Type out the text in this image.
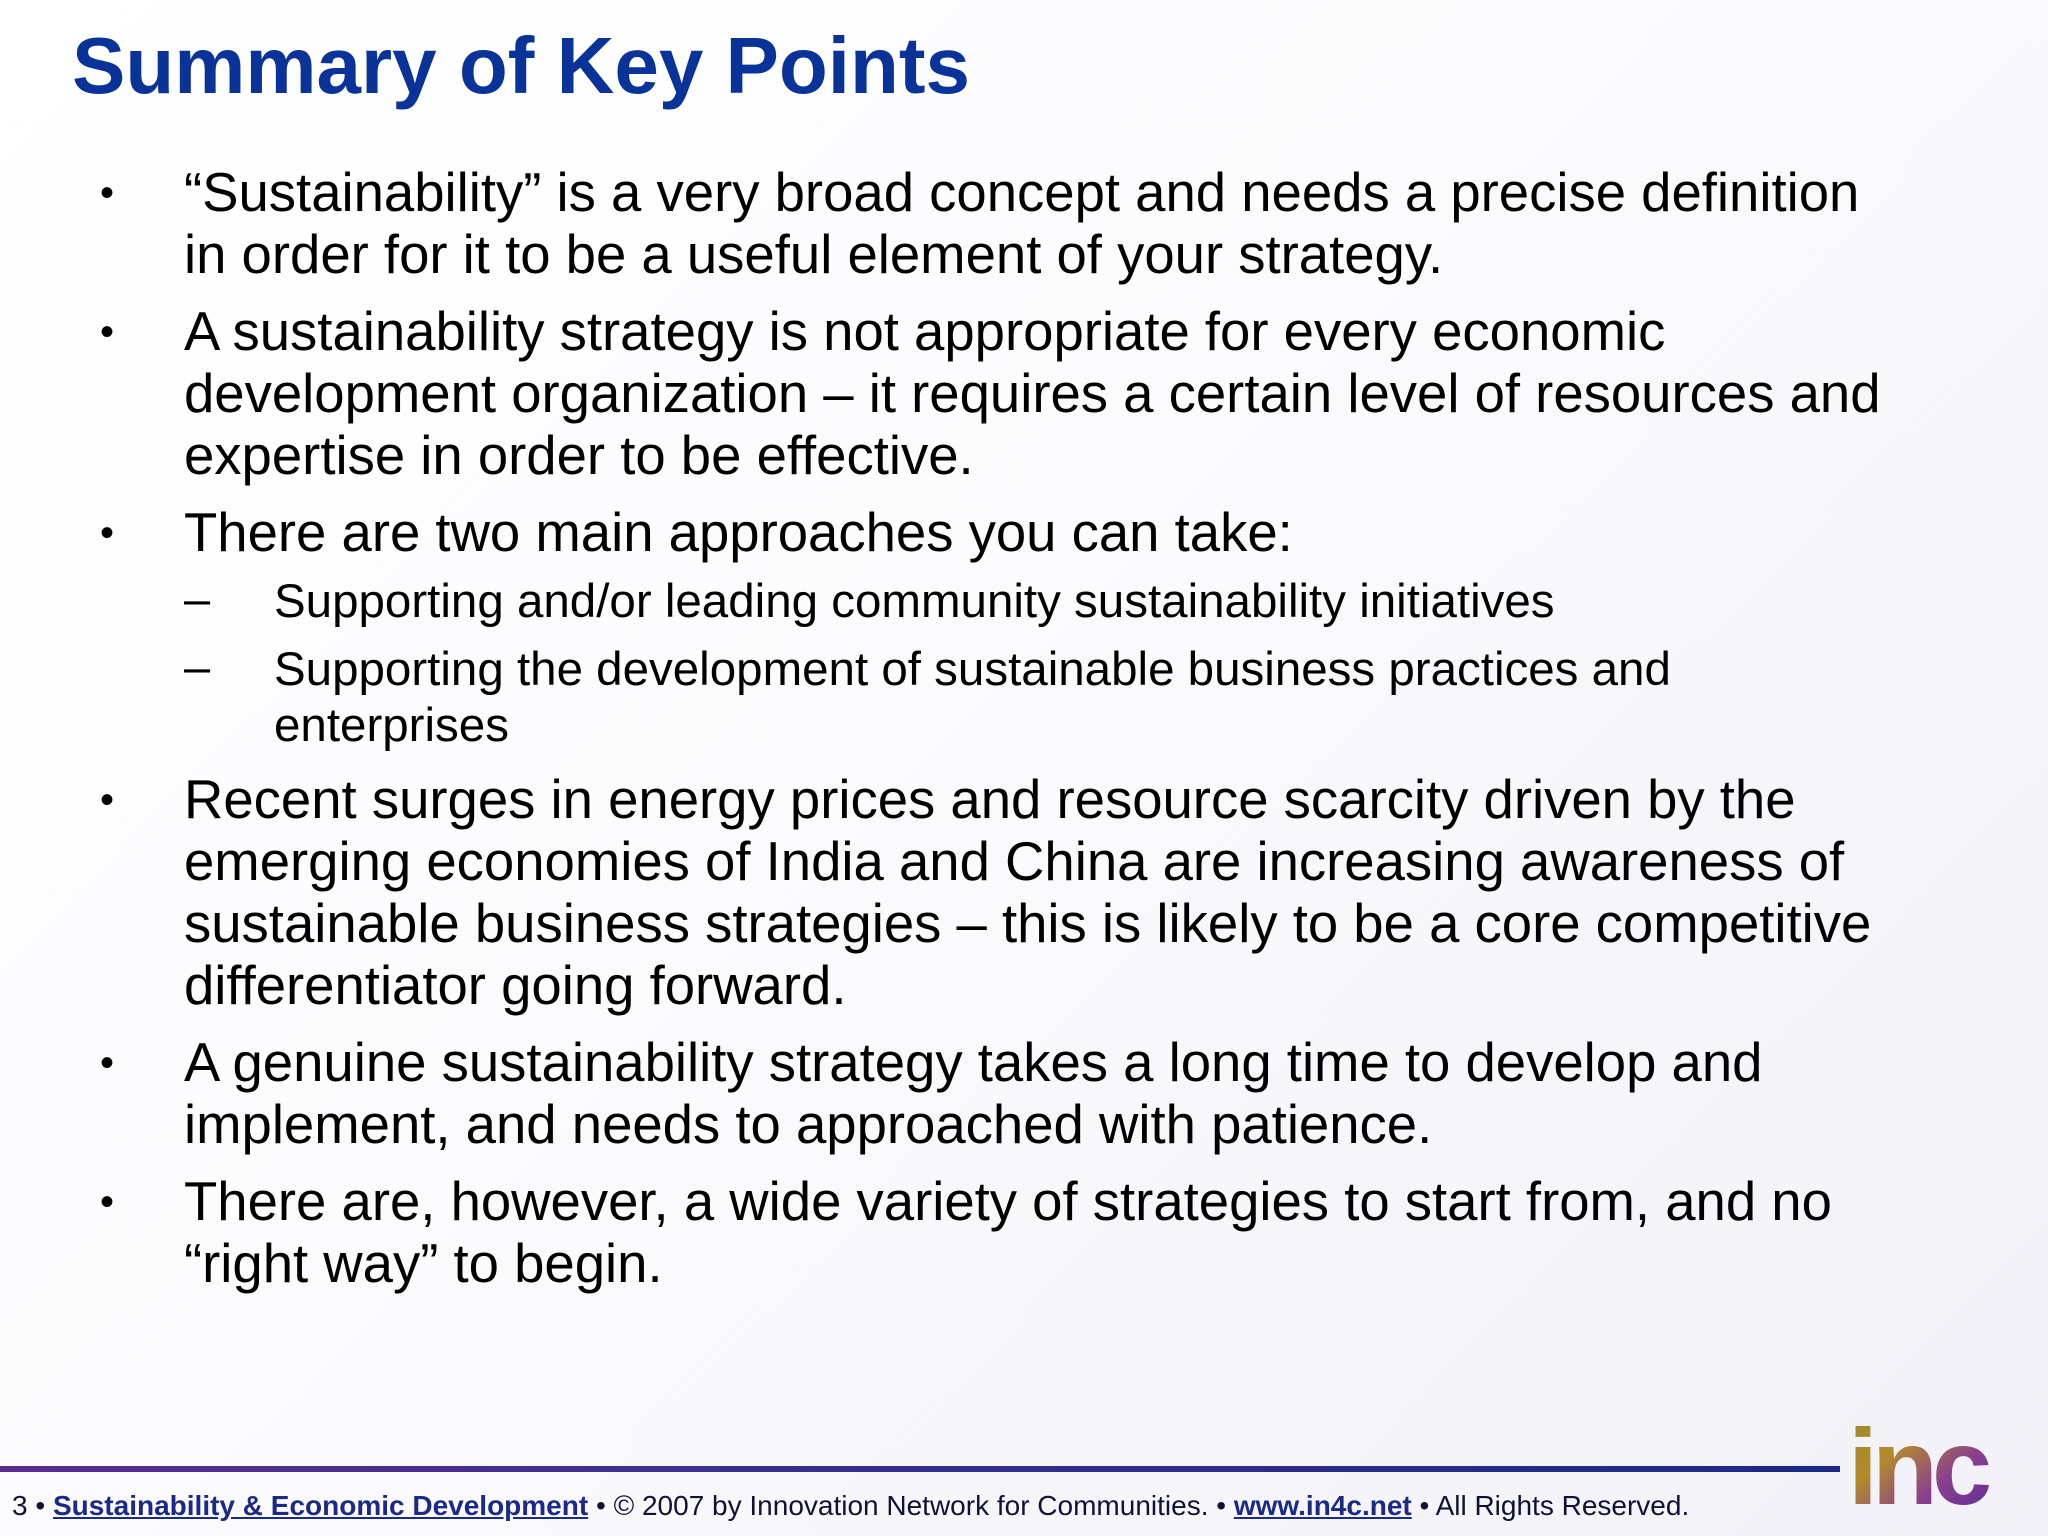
Summary of Key Points
• “Sustainability” is a very broad concept and needs a precise definition in order for it to be a useful element of your strategy.
• A sustainability strategy is not appropriate for every economic development organization – it requires a certain level of resources and expertise in order to be effective.
• There are two main approaches you can take:
– Supporting and/or leading community sustainability initiatives
– Supporting the development of sustainable business practices and enterprises
• Recent surges in energy prices and resource scarcity driven by the emerging economies of India and China are increasing awareness of sustainable business strategies – this is likely to be a core competitive differentiator going forward.
• A genuine sustainability strategy takes a long time to develop and implement, and needs to approached with patience.
• There are, however, a wide variety of strategies to start from, and no “right way” to begin.
3 • Sustainability & Economic Development • © 2007 by Innovation Network for Communities. • www.in4c.net • All Rights Reserved. inc
